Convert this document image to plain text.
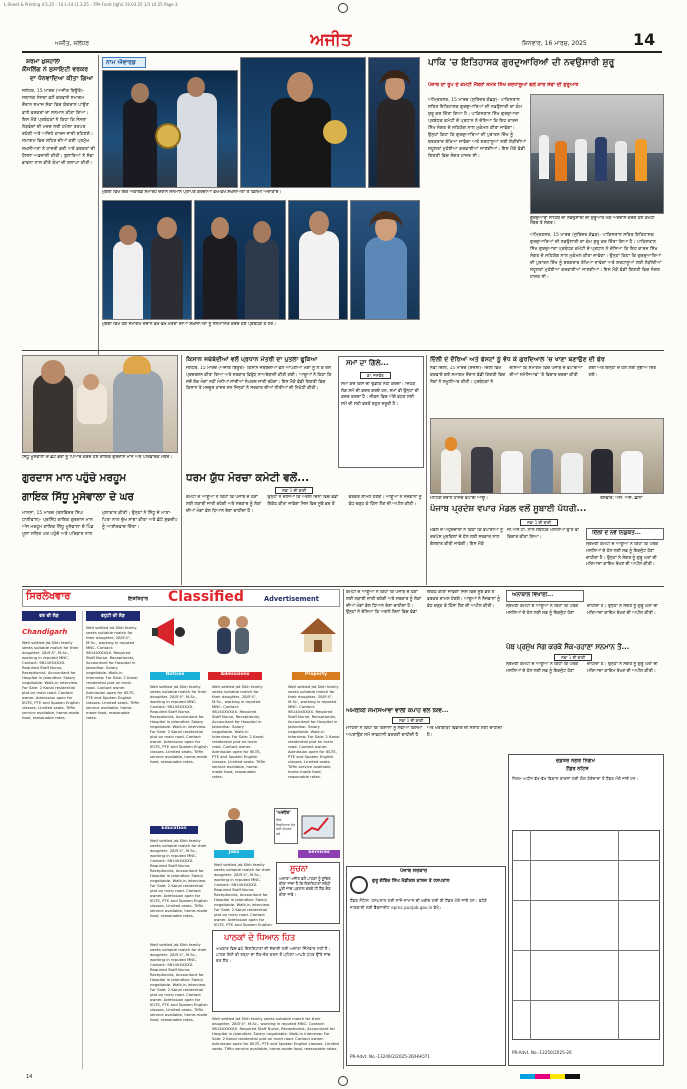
L-Sheet & Printing 4.5.25 - 14 L-14 (1.3.25 - 7PA-Front (lgfx) 19.03.25 1/3 L4 25 Page 3
ਅਜੀਤ, ਜਲੰਧਰ	ਅਜੀਤ	ਸ਼ਿਨਵਾਰ, 16 ਮਾਰਚ, 2025	14
ਸ਼ਰਮਾ ਖ਼ੁਸ਼ਹਾਲਾ
ਕੌਂਸਲਿੰਗ ਨੇ ਸੁਸਾਇਟੀ ਵਰਕਰ
ਦਾ ਧੰਨਵਾਦਿਆ ਕੀਤਾ ਗਿਆ
ਜਲੰਧਰ, 15 ਮਾਰਚ (ਅਜੀਤ ਬਿਊਰੋ)- ਸਥਾਨਕ ਸੰਸਥਾ ਵਲੋਂ ਕਰਵਾਏ ਸਮਾਗਮ ਦੌਰਾਨ ਸਮਾਜ ਸੇਵਾ ਵਿਚ ਯੋਗਦਾਨ ਪਾਉਣ ਵਾਲੇ ਵਰਕਰਾਂ ਦਾ ਸਨਮਾਨ ਕੀਤਾ ਗਿਆ। ਇਸ ਮੌਕੇ ਪ੍ਰਬੰਧਕਾਂ ਨੇ ਕਿਹਾ ਕਿ ਸੰਸਥਾ ਲੋੜਵੰਦਾਂ ਦੀ ਮਦਦ ਲਈ ਹਮੇਸ਼ਾ ਤਤਪਰ ਰਹੇਗੀ ਅਤੇ ਅਜਿਹੇ ਕਾਰਜ ਜਾਰੀ ਰਹਿਣਗੇ। ਸਮਾਗਮ ਵਿਚ ਸ਼ਹਿਰ ਦੀਆਂ ਕਈ ਪ੍ਰਮੁੱਖ ਸ਼ਖ਼ਸੀਅਤਾਂ ਨੇ ਹਾਜ਼ਰੀ ਭਰੀ ਅਤੇ ਵਰਕਰਾਂ ਦੀ ਹੌਸਲਾ ਅਫ਼ਜ਼ਾਈ ਕੀਤੀ। ਬੁਲਾਰਿਆਂ ਨੇ ਸੇਵਾ ਭਾਵਨਾ ਨਾਲ ਕੀਤੇ ਕੰਮਾਂ ਦੀ ਸ਼ਲਾਘਾ ਕੀਤੀ।
ਨਾਮ ਐਵਾਰਡ
ਮੁੰਬਈ ਵਿਖੇ ਇਕ ਐਵਾਰਡ ਸਮਾਰੋਹ ਦੌਰਾਨ ਸਨਮਾਨ ਪ੍ਰਾਪਤ ਕਰਦੀਆਂ ਵੱਖ-ਵੱਖ ਸ਼ਖ਼ਸੀਅਤਾਂ ਤੇ ਫ਼ਿਲਮੀ ਅਦਾਕਾਰ।
ਮੁੰਬਈ ਵਿਖੇ ਹੋਏ ਸਮਾਗਮ ਦੌਰਾਨ ਵੱਖ-ਵੱਖ ਖੇਤਰਾਂ ਦੀਆਂ ਸ਼ਖ਼ਸੀਅਤਾਂ ਨੂੰ ਸਨਮਾਨਿਤ ਕਰਦੇ ਹੋਏ ਪ੍ਰਬੰਧਕ ਤੇ ਹੋਰ।
ਪਾਕਿ 'ਚ ਇਤਿਹਾਸਕ ਗੁਰਦੁਆਰਿਆਂ ਦੀ ਨਵਉਸਾਰੀ ਸ਼ੁਰੂ
ਪੰਜਾਬ ਦਾ ਰੂਪ ਦੇ ਕਮੇਟੀ ਮੈਂਬਰਾਂ ਸਮੇਤ ਸਿੱਖ ਸ਼ਰਧਾਲੂਆਂ ਵਲੋਂ ਕਾਰ ਸੇਵਾ ਦੀ ਸ਼ੁਰੂਆਤ
ਅੰਮ੍ਰਿਤਸਰ, 15 ਮਾਰਚ (ਸੁਰਿੰਦਰ ਕੋਛੜ)- ਪਾਕਿਸਤਾਨ ਸਥਿਤ ਇਤਿਹਾਸਕ ਗੁਰਦੁਆਰਿਆਂ ਦੀ ਨਵਉਸਾਰੀ ਦਾ ਕੰਮ ਸ਼ੁਰੂ ਕਰ ਦਿੱਤਾ ਗਿਆ ਹੈ। ਪਾਕਿਸਤਾਨ ਸਿੱਖ ਗੁਰਦੁਆਰਾ ਪ੍ਰਬੰਧਕ ਕਮੇਟੀ ਦੇ ਪ੍ਰਧਾਨ ਨੇ ਦੱਸਿਆ ਕਿ ਇਹ ਕਾਰਜ ਸਿੱਖ ਸੰਗਤ ਦੇ ਸਹਿਯੋਗ ਨਾਲ ਮੁਕੰਮਲ ਕੀਤਾ ਜਾਵੇਗਾ। ਉਨ੍ਹਾਂ ਕਿਹਾ ਕਿ ਗੁਰਦੁਆਰਿਆਂ ਦੀ ਪੁਰਾਤਨ ਦਿੱਖ ਨੂੰ ਬਰਕਰਾਰ ਰੱਖਿਆ ਜਾਵੇਗਾ ਅਤੇ ਸ਼ਰਧਾਲੂਆਂ ਲਈ ਲੋੜੀਂਦੀਆਂ ਸਹੂਲਤਾਂ ਮੁਹੱਈਆ ਕਰਵਾਈਆਂ ਜਾਣਗੀਆਂ। ਇਸ ਮੌਕੇ ਵੱਡੀ ਗਿਣਤੀ ਵਿਚ ਸੰਗਤ ਹਾਜ਼ਰ ਸੀ।
ਗੁਰਦੁਆਰਾ ਸਾਹਿਬ ਦੀ ਨਵਉਸਾਰੀ ਦੀ ਸ਼ੁਰੂਆਤ ਮੌਕੇ ਅਰਦਾਸ ਕਰਦੇ ਹੋਏ ਕਮੇਟੀ ਮੈਂਬਰ ਤੇ ਸੰਗਤ।
ਅੰਮ੍ਰਿਤਸਰ, 15 ਮਾਰਚ (ਸੁਰਿੰਦਰ ਕੋਛੜ)- ਪਾਕਿਸਤਾਨ ਸਥਿਤ ਇਤਿਹਾਸਕ ਗੁਰਦੁਆਰਿਆਂ ਦੀ ਨਵਉਸਾਰੀ ਦਾ ਕੰਮ ਸ਼ੁਰੂ ਕਰ ਦਿੱਤਾ ਗਿਆ ਹੈ। ਪਾਕਿਸਤਾਨ ਸਿੱਖ ਗੁਰਦੁਆਰਾ ਪ੍ਰਬੰਧਕ ਕਮੇਟੀ ਦੇ ਪ੍ਰਧਾਨ ਨੇ ਦੱਸਿਆ ਕਿ ਇਹ ਕਾਰਜ ਸਿੱਖ ਸੰਗਤ ਦੇ ਸਹਿਯੋਗ ਨਾਲ ਮੁਕੰਮਲ ਕੀਤਾ ਜਾਵੇਗਾ। ਉਨ੍ਹਾਂ ਕਿਹਾ ਕਿ ਗੁਰਦੁਆਰਿਆਂ ਦੀ ਪੁਰਾਤਨ ਦਿੱਖ ਨੂੰ ਬਰਕਰਾਰ ਰੱਖਿਆ ਜਾਵੇਗਾ ਅਤੇ ਸ਼ਰਧਾਲੂਆਂ ਲਈ ਲੋੜੀਂਦੀਆਂ ਸਹੂਲਤਾਂ ਮੁਹੱਈਆ ਕਰਵਾਈਆਂ ਜਾਣਗੀਆਂ। ਇਸ ਮੌਕੇ ਵੱਡੀ ਗਿਣਤੀ ਵਿਚ ਸੰਗਤ ਹਾਜ਼ਰ ਸੀ।
ਸਿੱਧੂ ਮੂਸੇਵਾਲਾ ਦੇ ਛੋਟੇ ਭਰਾ ਨੂੰ ਪਿਆਰ ਕਰਦੇ ਹੋਏ ਗਾਇਕ ਗੁਰਦਾਸ ਮਾਨ ਅਤੇ ਪਰਿਵਾਰਕ ਮੈਂਬਰ।
ਗੁਰਦਾਸ ਮਾਨ ਪਹੁੰਚੇ ਮਰਹੂਮ
ਗਾਇਕ ਸਿੱਧੂ ਮੂਸੇਵਾਲਾ ਦੇ ਘਰ
ਮਾਨਸਾ, 15 ਮਾਰਚ (ਬਲਵਿੰਦਰ ਸਿੰਘ ਧਾਲੀਵਾਲ)- ਪ੍ਰਸਿੱਧ ਗਾਇਕ ਗੁਰਦਾਸ ਮਾਨ ਅੱਜ ਮਰਹੂਮ ਗਾਇਕ ਸਿੱਧੂ ਮੂਸੇਵਾਲਾ ਦੇ ਪਿੰਡ ਮੂਸਾ ਸਥਿਤ ਘਰ ਪਹੁੰਚੇ ਅਤੇ ਪਰਿਵਾਰ ਨਾਲ ਮੁਲਾਕਾਤ ਕੀਤੀ। ਉਨ੍ਹਾਂ ਨੇ ਸਿੱਧੂ ਦੇ ਮਾਤਾ-ਪਿਤਾ ਨਾਲ ਦੁੱਖ ਸਾਂਝਾ ਕੀਤਾ ਅਤੇ ਛੋਟੇ ਸ਼ੁਭਦੀਪ ਨੂੰ ਆਸ਼ੀਰਵਾਦ ਦਿੱਤਾ।
ਕਿਸਾਨ ਜਥੇਬੰਦੀਆਂ ਵਲੋਂ ਪ੍ਰਧਾਨ ਮੰਤਰੀ ਦਾ ਪੁਤਲਾ ਫੂਕਿਆ
ਜਲੰਧਰ, 15 ਮਾਰਚ (ਅਜੀਤ ਬਿਊਰੋ)- ਕਿਸਾਨ ਜਥੇਬੰਦੀਆਂ ਵਲੋਂ ਆਪਣੀਆਂ ਮੰਗਾਂ ਨੂੰ ਲੈ ਕੇ ਰੋਸ ਪ੍ਰਦਰਸ਼ਨ ਕੀਤਾ ਗਿਆ ਅਤੇ ਸਰਕਾਰ ਵਿਰੁੱਧ ਨਾਅਰੇਬਾਜ਼ੀ ਕੀਤੀ ਗਈ। ਆਗੂਆਂ ਨੇ ਕਿਹਾ ਕਿ ਜਦੋਂ ਤੱਕ ਮੰਗਾਂ ਨਹੀਂ ਮੰਨੀਆਂ ਜਾਂਦੀਆਂ ਸੰਘਰਸ਼ ਜਾਰੀ ਰਹੇਗਾ। ਇਸ ਮੌਕੇ ਵੱਡੀ ਗਿਣਤੀ ਵਿਚ ਕਿਸਾਨ ਤੇ ਮਜ਼ਦੂਰ ਹਾਜ਼ਰ ਸਨ ਜਿਨ੍ਹਾਂ ਨੇ ਸਰਕਾਰ ਦੀਆਂ ਨੀਤੀਆਂ ਦੀ ਨਿਖੇਧੀ ਕੀਤੀ।
ਸਮਾਂ ਦਾ ਗਿੱਲੇ...
ਡਾ. ਜਸਵੰਤ
ਸਮਾਂ ਕਦੇ ਕਿਸੇ ਦੀ ਉਡੀਕ ਨਹੀਂ ਕਰਦਾ। ਜਿਹੜੇ ਲੋਕ ਸਮੇਂ ਦੀ ਕਦਰ ਕਰਦੇ ਹਨ, ਸਮਾਂ ਵੀ ਉਨ੍ਹਾਂ ਦੀ ਕਦਰ ਕਰਦਾ ਹੈ। ਜੀਵਨ ਵਿਚ ਅੱਗੇ ਵਧਣ ਲਈ ਸਮੇਂ ਦੀ ਸਹੀ ਵਰਤੋਂ ਬਹੁਤ ਜ਼ਰੂਰੀ ਹੈ।
ਧਰਮ ਯੁੱਧ ਮੋਰਚਾ ਕਮੇਟੀ ਵਲੋਂ...
ਸਫ਼ਾ 1 ਦੀ ਬਾਕੀ
ਕਮੇਟੀ ਦੇ ਆਗੂਆਂ ਨੇ ਕਿਹਾ ਕਿ ਪੰਜਾਬ ਦੇ ਹੱਕਾਂ ਲਈ ਲੜਾਈ ਜਾਰੀ ਰਹੇਗੀ ਅਤੇ ਸਰਕਾਰ ਨੂੰ ਲੋਕਾਂ ਦੀਆਂ ਮੰਗਾਂ ਵੱਲ ਧਿਆਨ ਦੇਣਾ ਚਾਹੀਦਾ ਹੈ। ਉਨ੍ਹਾਂ ਨੇ ਦੱਸਿਆ ਕਿ ਅਗਲੇ ਦਿਨਾਂ ਵਿਚ ਵੱਡਾ ਇਕੱਠ ਕੀਤਾ ਜਾਵੇਗਾ ਜਿਸ ਵਿਚ ਸੂਬੇ ਭਰ ਤੋਂ ਵਰਕਰ ਸ਼ਾਮਲ ਹੋਣਗੇ। ਆਗੂਆਂ ਨੇ ਨੌਜਵਾਨਾਂ ਨੂੰ ਵੱਧ ਚੜ੍ਹ ਕੇ ਹਿੱਸਾ ਲੈਣ ਦੀ ਅਪੀਲ ਕੀਤੀ।
ਦਿੱਲੀ ਦੇ ਦੌਰਿਆਂ ਅਤੇ ਫੇਸਟਾਂ ਨੂੰ ਵੱਧ ਕੇ ਗੁਰਦਿਆਲ 'ਚ ਖਾਣਾ ਬਣਾਉਣ ਦੀ ਫੇਰ
ਨਵੀਂ ਦਿੱਲੀ, 15 ਮਾਰਚ (ਏਜੰਸੀ)- ਦਿੱਲੀ ਵਿਖੇ ਕਰਵਾਏ ਗਏ ਸਮਾਗਮ ਦੌਰਾਨ ਵੱਡੀ ਗਿਣਤੀ ਵਿਚ ਲੋਕਾਂ ਨੇ ਸ਼ਮੂਲੀਅਤ ਕੀਤੀ। ਪ੍ਰਬੰਧਕਾਂ ਨੇ ਦੱਸਿਆ ਕਿ ਸਮਾਗਮ ਵਿਚ ਪੰਜਾਬ ਦੇ ਵਪਾਰੀਆਂ ਦੀਆਂ ਸਮੱਸਿਆਵਾਂ 'ਤੇ ਵਿਚਾਰ ਚਰਚਾ ਕੀਤੀ ਗਈ ਅਤੇ ਇਨ੍ਹਾਂ ਦੇ ਹੱਲ ਲਈ ਸੁਝਾਅ ਦਿੱਤੇ ਗਏ।
ਮੀਟਿੰਗ ਦੌਰਾਨ ਹਾਜ਼ਰ ਵਪਾਰੀ ਆਗੂ।	ਤਸਵੀਰ: ਐਸ. ਐਸ. ਛੀਨਾ
ਪੰਜਾਬ ਪ੍ਰਦੇਸ਼ ਵਪਾਰ ਮੰਡਲ ਵਲੋਂ ਸੂਬਾਈ ਪੱਧਰੀ...
ਸਫ਼ਾ 1 ਦੀ ਬਾਕੀ
ਮੰਡਲ ਦੇ ਅਹੁਦੇਦਾਰਾਂ ਨੇ ਕਿਹਾ ਕਿ ਵਪਾਰੀਆਂ ਨੂੰ ਦਰਪੇਸ਼ ਮੁਸ਼ਕਿਲਾਂ ਦੇ ਹੱਲ ਲਈ ਸਰਕਾਰ ਨਾਲ ਗੱਲਬਾਤ ਕੀਤੀ ਜਾਵੇਗੀ। ਇਸ ਮੌਕੇ ਜੀ.ਐਸ.ਟੀ. ਨਾਲ ਸਬੰਧਿਤ ਮਸਲਿਆਂ ਉੱਤੇ ਵੀ ਵਿਚਾਰ ਕੀਤਾ ਗਿਆ।
ਦਿੱਲੀ ਦੇ ਨਵੇਂ ਨਿਯੁਕਤ...
ਸ਼੍ਰੋਮਣੀ ਕਮੇਟੀ ਦੇ ਆਗੂਆਂ ਨੇ ਕਿਹਾ ਕਿ ਪੰਥਕ ਮਸਲਿਆਂ ਦੇ ਹੱਲ ਲਈ ਸਭ ਨੂੰ ਇਕਜੁੱਟ ਹੋਣਾ ਚਾਹੀਦਾ ਹੈ। ਉਨ੍ਹਾਂ ਨੇ ਸੰਗਤ ਨੂੰ ਗੁਰੂ ਘਰਾਂ ਦੀ ਮਰਿਆਦਾ ਕਾਇਮ ਰੱਖਣ ਦੀ ਅਪੀਲ ਕੀਤੀ।
ਸਿਰਲੇਖਵਾਰ	ਇਸ਼ਤਿਹਾਰ Classified	Advertisement
ਵਰ ਦੀ ਲੋੜ	ਵਹੁਟੀ ਦੀ ਲੋੜ
Chandigarh
Well settled Jat Sikh family seeks suitable match for their daughter, 28/5'4", M.Sc., working in reputed MNC. Contact: 98140XXXXX. Required Staff Nurse, Receptionist, Accountant for Hospital in Jalandhar. Salary negotiable. Walk-in interview. For Sale: 2 Kanal residential plot on main road. Contact owner. Admission open for IELTS, PTE and Spoken English classes. Limited seats. Tiffin service available, home-made food, reasonable rates.
Well settled Jat Sikh family seeks suitable match for their daughter, 28/5'4", M.Sc., working in reputed MNC. Contact: 98140XXXXX. Required Staff Nurse, Receptionist, Accountant for Hospital in Jalandhar. Salary negotiable. Walk-in interview. For Sale: 2 Kanal residential plot on main road. Contact owner. Admission open for IELTS, PTE and Spoken English classes. Limited seats. Tiffin service available, home-made food, reasonable rates.
Notices	Admissions	Property
Well settled Jat Sikh family seeks suitable match for their daughter, 28/5'4", M.Sc., working in reputed MNC. Contact: 98140XXXXX. Required Staff Nurse, Receptionist, Accountant for Hospital in Jalandhar. Salary negotiable. Walk-in interview. For Sale: 2 Kanal residential plot on main road. Contact owner. Admission open for IELTS, PTE and Spoken English classes. Limited seats. Tiffin service available, home-made food, reasonable rates.
Well settled Jat Sikh family seeks suitable match for their daughter, 28/5'4", M.Sc., working in reputed MNC. Contact: 98140XXXXX. Required Staff Nurse, Receptionist, Accountant for Hospital in Jalandhar. Salary negotiable. Walk-in interview. For Sale: 2 Kanal residential plot on main road. Contact owner. Admission open for IELTS, PTE and Spoken English classes. Limited seats. Tiffin service available, home-made food, reasonable rates.
Well settled Jat Sikh family seeks suitable match for their daughter, 28/5'4", M.Sc., working in reputed MNC. Contact: 98140XXXXX. Required Staff Nurse, Receptionist, Accountant for Hospital in Jalandhar. Salary negotiable. Walk-in interview. For Sale: 2 Kanal residential plot on main road. Contact owner. Admission open for IELTS, PTE and Spoken English classes. Limited seats. Tiffin service available, home-made food, reasonable rates.
Education
Jobs	Services
Well settled Jat Sikh family seeks suitable match for their daughter, 28/5'4", M.Sc., working in reputed MNC. Contact: 98140XXXXX. Required Staff Nurse, Receptionist, Accountant for Hospital in Jalandhar. Salary negotiable. Walk-in interview. For Sale: 2 Kanal residential plot on main road. Contact owner. Admission open for IELTS, PTE and Spoken English classes. Limited seats. Tiffin service available, home-made food, reasonable rates.
Well settled Jat Sikh family seeks suitable match for their daughter, 28/5'4", M.Sc., working in reputed MNC. Contact: 98140XXXXX. Required Staff Nurse, Receptionist, Accountant for Hospital in Jalandhar. Salary negotiable. Walk-in interview. For Sale: 2 Kanal residential plot on main road. Contact owner. Admission open for IELTS, PTE and Spoken English
ਸੂਚਨਾ
ਅਦਾਰਾ ਅਜੀਤ ਵਲੋਂ ਪਾਠਕਾਂ ਨੂੰ ਸੂਚਿਤ ਕੀਤਾ ਜਾਂਦਾ ਹੈ ਕਿ ਇਸ਼ਤਿਹਾਰਾਂ ਸਬੰਧੀ ਪੂਰੀ ਜਾਂਚ ਪੜਤਾਲ ਕਰਕੇ ਹੀ ਲੈਣ-ਦੇਣ ਕੀਤਾ ਜਾਵੇ।
'ਅਜੀਤ'
ਵਿਚ ਇਸ਼ਤਿਹਾਰ ਦੇਣ ਲਈ ਸੰਪਰਕ ਕਰੋ
ਪਾਠਕਾਂ ਦੇ ਧਿਆਨ ਹਿਤ
ਅਖ਼ਬਾਰ ਵਿਚ ਛਪੇ ਇਸ਼ਤਿਹਾਰਾਂ ਦੀ ਸੱਚਾਈ ਲਈ ਅਦਾਰਾ ਜ਼ਿੰਮੇਵਾਰ ਨਹੀਂ ਹੈ। ਪਾਠਕ ਕਿਸੇ ਵੀ ਤਰ੍ਹਾਂ ਦਾ ਲੈਣ-ਦੇਣ ਕਰਨ ਤੋਂ ਪਹਿਲਾਂ ਆਪਣੇ ਪੱਧਰ ਉੱਤੇ ਜਾਂਚ ਕਰ ਲੈਣ।
Well settled Jat Sikh family seeks suitable match for their daughter, 28/5'4", M.Sc., working in reputed MNC. Contact: 98140XXXXX. Required Staff Nurse, Receptionist, Accountant for Hospital in Jalandhar. Salary negotiable. Walk-in interview. For Sale: 2 Kanal residential plot on main road. Contact owner. Admission open for IELTS, PTE and Spoken English classes. Limited seats. Tiffin service available, home-made food, reasonable rates.	Well settled Jat Sikh family seeks suitable match for their daughter, 28/5'4", M.Sc., working in reputed MNC. Contact: 98140XXXXX. Required Staff Nurse, Receptionist, Accountant for Hospital in Jalandhar. Salary negotiable. Walk-in interview. For Sale: 2 Kanal residential plot on main road. Contact owner. Admission open for IELTS, PTE and Spoken English classes. Limited seats. Tiffin service available, home-made food, reasonable rates.
ਕਮੇਟੀ ਦੇ ਆਗੂਆਂ ਨੇ ਕਿਹਾ ਕਿ ਪੰਜਾਬ ਦੇ ਹੱਕਾਂ ਲਈ ਲੜਾਈ ਜਾਰੀ ਰਹੇਗੀ ਅਤੇ ਸਰਕਾਰ ਨੂੰ ਲੋਕਾਂ ਦੀਆਂ ਮੰਗਾਂ ਵੱਲ ਧਿਆਨ ਦੇਣਾ ਚਾਹੀਦਾ ਹੈ। ਉਨ੍ਹਾਂ ਨੇ ਦੱਸਿਆ ਕਿ ਅਗਲੇ ਦਿਨਾਂ ਵਿਚ ਵੱਡਾ ਇਕੱਠ ਕੀਤਾ ਜਾਵੇਗਾ ਜਿਸ ਵਿਚ ਸੂਬੇ ਭਰ ਤੋਂ ਵਰਕਰ ਸ਼ਾਮਲ ਹੋਣਗੇ। ਆਗੂਆਂ ਨੇ ਨੌਜਵਾਨਾਂ ਨੂੰ ਵੱਧ ਚੜ੍ਹ ਕੇ ਹਿੱਸਾ ਲੈਣ ਦੀ ਅਪੀਲ ਕੀਤੀ।
ਅਨਾਥਾਲੇ ਵਿਖਾਈ...
ਸ਼੍ਰੋਮਣੀ ਕਮੇਟੀ ਦੇ ਆਗੂਆਂ ਨੇ ਕਿਹਾ ਕਿ ਪੰਥਕ ਮਸਲਿਆਂ ਦੇ ਹੱਲ ਲਈ ਸਭ ਨੂੰ ਇਕਜੁੱਟ ਹੋਣਾ ਚਾਹੀਦਾ ਹੈ। ਉਨ੍ਹਾਂ ਨੇ ਸੰਗਤ ਨੂੰ ਗੁਰੂ ਘਰਾਂ ਦੀ ਮਰਿਆਦਾ ਕਾਇਮ ਰੱਖਣ ਦੀ ਅਪੀਲ ਕੀਤੀ।
ਪੰਥ ਪ੍ਰਮੁੱਖ ਸੰਗ ਕਰਕੇ ਸੈਕ-ਰਹਾਣਾ ਸਨਮਾਨ ਤੋਂ...
ਸਫ਼ਾ 1 ਦੀ ਬਾਕੀ
ਸ਼੍ਰੋਮਣੀ ਕਮੇਟੀ ਦੇ ਆਗੂਆਂ ਨੇ ਕਿਹਾ ਕਿ ਪੰਥਕ ਮਸਲਿਆਂ ਦੇ ਹੱਲ ਲਈ ਸਭ ਨੂੰ ਇਕਜੁੱਟ ਹੋਣਾ ਚਾਹੀਦਾ ਹੈ। ਉਨ੍ਹਾਂ ਨੇ ਸੰਗਤ ਨੂੰ ਗੁਰੂ ਘਰਾਂ ਦੀ ਮਰਿਆਦਾ ਕਾਇਮ ਰੱਖਣ ਦੀ ਅਪੀਲ ਕੀਤੀ।
ਅਮਰੀਕੀ ਸਮਸਿਆਵਾਂ ਵਾਲੀ ਕਪਾਹ ਵਲੋਂ ਕਿਵੇਂ...
ਸਫ਼ਾ 1 ਦੀ ਬਾਕੀ
ਮਾਹਿਰਾਂ ਨੇ ਕਿਹਾ ਕਿ ਕਿਸਾਨਾਂ ਨੂੰ ਨਵੀਆਂ ਕਿਸਮਾਂ ਅਪਣਾਉਣ ਸਮੇਂ ਸਾਵਧਾਨੀ ਵਰਤਣੀ ਚਾਹੀਦੀ ਹੈ ਅਤੇ ਖੇਤੀਬਾੜੀ ਵਿਭਾਗ ਦੀ ਸਲਾਹ ਲੈਣੀ ਚਾਹੀਦੀ ਹੈ।
ਪੰਜਾਬ ਸਰਕਾਰ
ਗੁਰੂ ਗੋਬਿੰਦ ਸਿੰਘ ਮੈਡੀਕਲ ਕਾਲਜ ਤੇ ਹਸਪਤਾਲ
ਟੈਂਡਰ ਨੋਟਿਸ: ਹਸਪਤਾਲ ਲਈ ਸਾਜ਼ੋ-ਸਾਮਾਨ ਦੀ ਖ਼ਰੀਦ ਲਈ ਈ-ਟੈਂਡਰ ਮੰਗੇ ਜਾਂਦੇ ਹਨ। ਵਧੇਰੇ ਜਾਣਕਾਰੀ ਲਈ ਵੈੱਬਸਾਈਟ eproc.punjab.gov.in ਵੇਖੋ।
PR-Advt. No.-13249/2/2025-26/HHO71
ਦਫ਼ਤਰ ਨਗਰ ਨਿਗਮ
ਟੈਂਡਰ ਨੋਟਿਸ
ਨਿਗਮ ਅਧੀਨ ਵੱਖ-ਵੱਖ ਵਿਕਾਸ ਕਾਰਜਾਂ ਲਈ ਯੋਗ ਠੇਕੇਦਾਰਾਂ ਤੋਂ ਟੈਂਡਰ ਮੰਗੇ ਜਾਂਦੇ ਹਨ।
PR-Advt. No.-13250/2025-26
14
